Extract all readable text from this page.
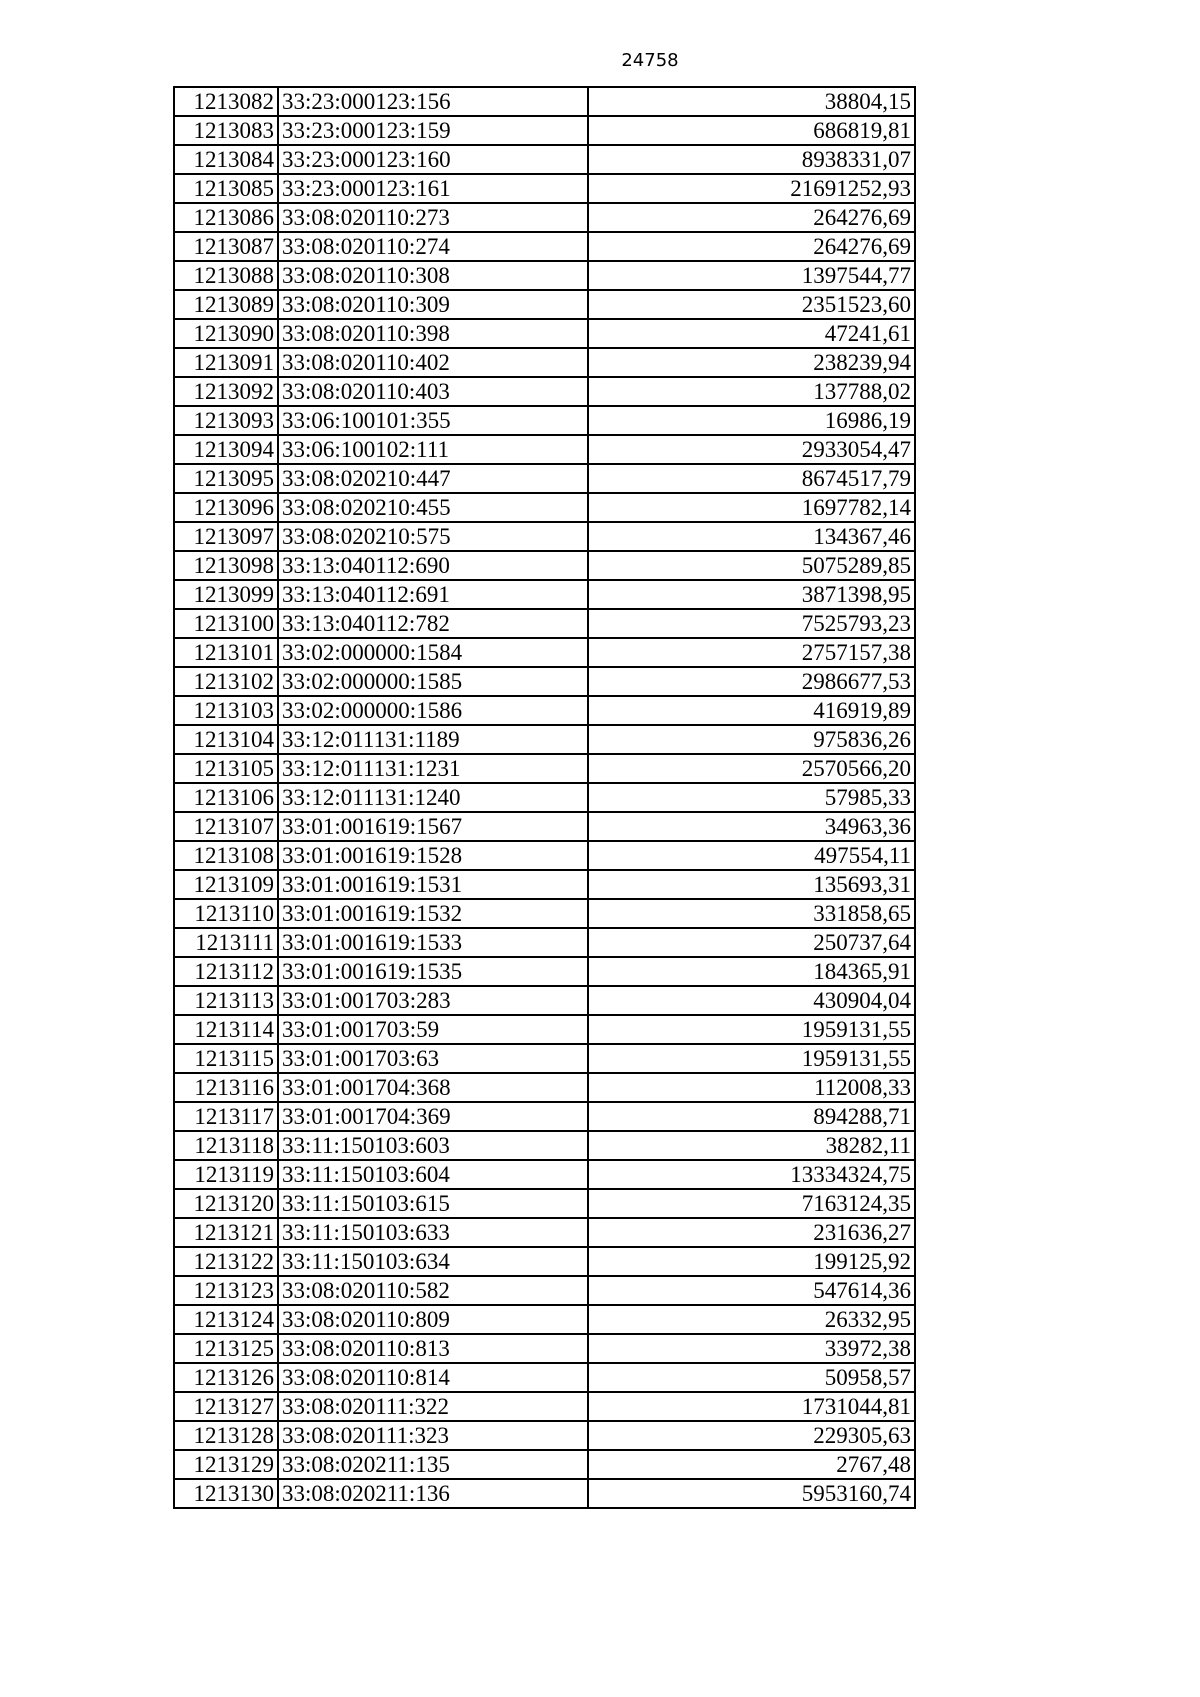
24758
1213082	33:23:000123:156	38804,15
1213083	33:23:000123:159	686819,81
1213084	33:23:000123:160	8938331,07
1213085	33:23:000123:161	21691252,93
1213086	33:08:020110:273	264276,69
1213087	33:08:020110:274	264276,69
1213088	33:08:020110:308	1397544,77
1213089	33:08:020110:309	2351523,60
1213090	33:08:020110:398	47241,61
1213091	33:08:020110:402	238239,94
1213092	33:08:020110:403	137788,02
1213093	33:06:100101:355	16986,19
1213094	33:06:100102:111	2933054,47
1213095	33:08:020210:447	8674517,79
1213096	33:08:020210:455	1697782,14
1213097	33:08:020210:575	134367,46
1213098	33:13:040112:690	5075289,85
1213099	33:13:040112:691	3871398,95
1213100	33:13:040112:782	7525793,23
1213101	33:02:000000:1584	2757157,38
1213102	33:02:000000:1585	2986677,53
1213103	33:02:000000:1586	416919,89
1213104	33:12:011131:1189	975836,26
1213105	33:12:011131:1231	2570566,20
1213106	33:12:011131:1240	57985,33
1213107	33:01:001619:1567	34963,36
1213108	33:01:001619:1528	497554,11
1213109	33:01:001619:1531	135693,31
1213110	33:01:001619:1532	331858,65
1213111	33:01:001619:1533	250737,64
1213112	33:01:001619:1535	184365,91
1213113	33:01:001703:283	430904,04
1213114	33:01:001703:59	1959131,55
1213115	33:01:001703:63	1959131,55
1213116	33:01:001704:368	112008,33
1213117	33:01:001704:369	894288,71
1213118	33:11:150103:603	38282,11
1213119	33:11:150103:604	13334324,75
1213120	33:11:150103:615	7163124,35
1213121	33:11:150103:633	231636,27
1213122	33:11:150103:634	199125,92
1213123	33:08:020110:582	547614,36
1213124	33:08:020110:809	26332,95
1213125	33:08:020110:813	33972,38
1213126	33:08:020110:814	50958,57
1213127	33:08:020111:322	1731044,81
1213128	33:08:020111:323	229305,63
1213129	33:08:020211:135	2767,48
1213130	33:08:020211:136	5953160,74
